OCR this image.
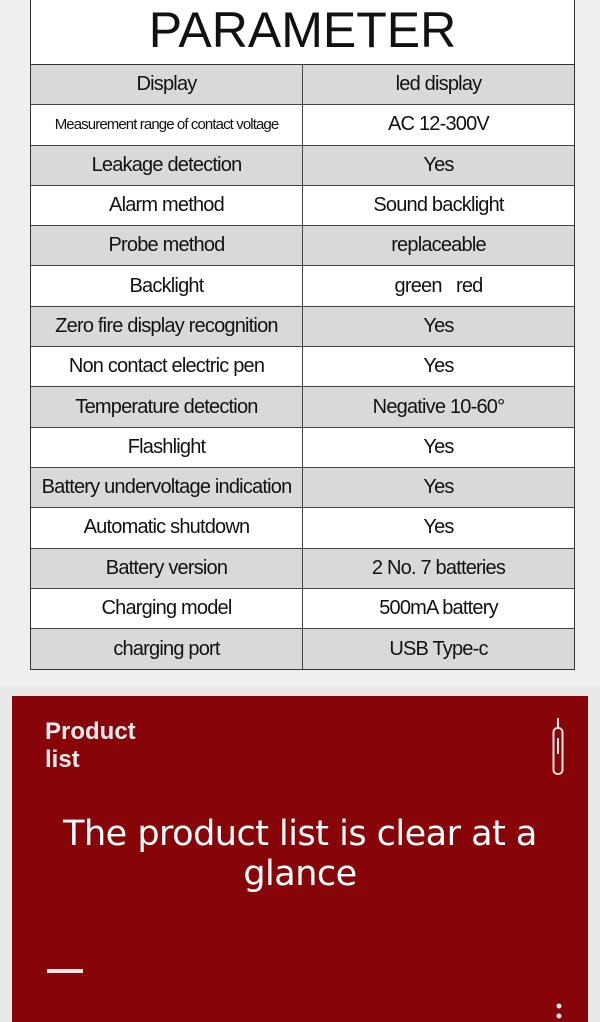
PARAMETER
Display	led display
Measurement range of contact voltage	AC 12-300V
Leakage detection	Yes
Alarm method	Sound backlight
Probe method	replaceable
Backlight	green   red
Zero fire display recognition	Yes
Non contact electric pen	Yes
Temperature detection	Negative 10-60°
Flashlight	Yes
Battery undervoltage indication	Yes
Automatic shutdown	Yes
Battery version	2 No. 7 batteries
Charging model	500mA battery
charging port	USB Type-c
Product
list
The product list is clear at a glance
